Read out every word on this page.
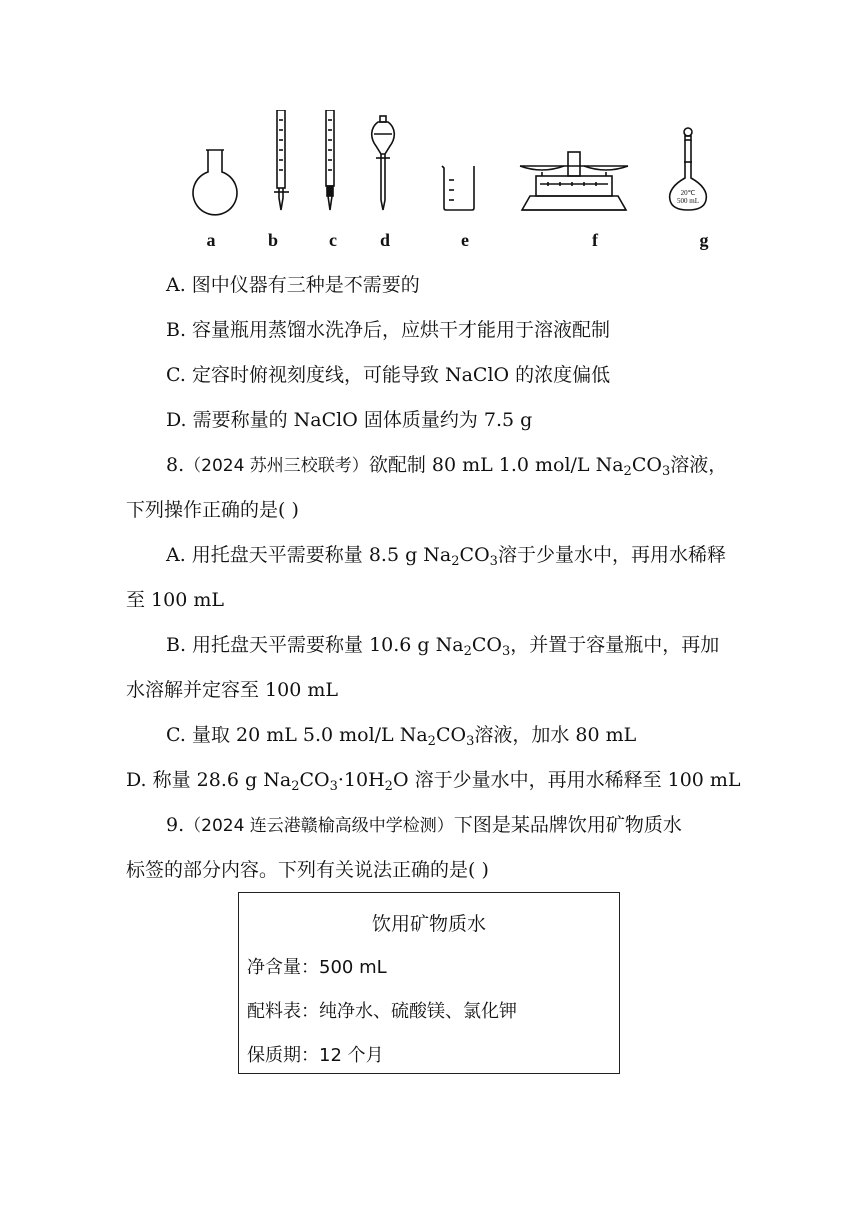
20℃
500 mL
a	b	c d	e	f	g
A. 图中仪器有三种是不需要的
B. 容量瓶用蒸馏水洗净后，应烘干才能用于溶液配制
C. 定容时俯视刻度线，可能导致 NaClO 的浓度偏低
D. 需要称量的 NaClO 固体质量约为 7.5 g
8.（2024 苏州三校联考）欲配制 80 mL 1.0 mol/L $Na_2CO_3$溶液，
下列操作正确的是( )
A. 用托盘天平需要称量 8.5 g $Na_2CO_3$溶于少量水中，再用水稀释
至 100 mL
B. 用托盘天平需要称量 10.6 g $Na_2CO_3$，并置于容量瓶中，再加
水溶解并定容至 100 mL
C. 量取 20 mL 5.0 mol/L $Na_2CO_3$溶液，加水 80 mL
D. 称量 28.6 g $Na_2CO_3\cdot 10H_2O$ 溶于少量水中，再用水稀释至 100 mL
9.（2024 连云港赣榆高级中学检测）下图是某品牌饮用矿物质水
标签的部分内容。下列有关说法正确的是( )
饮用矿物质水
净含量：500 mL
配料表：纯净水、硫酸镁、氯化钾
保质期：12 个月
